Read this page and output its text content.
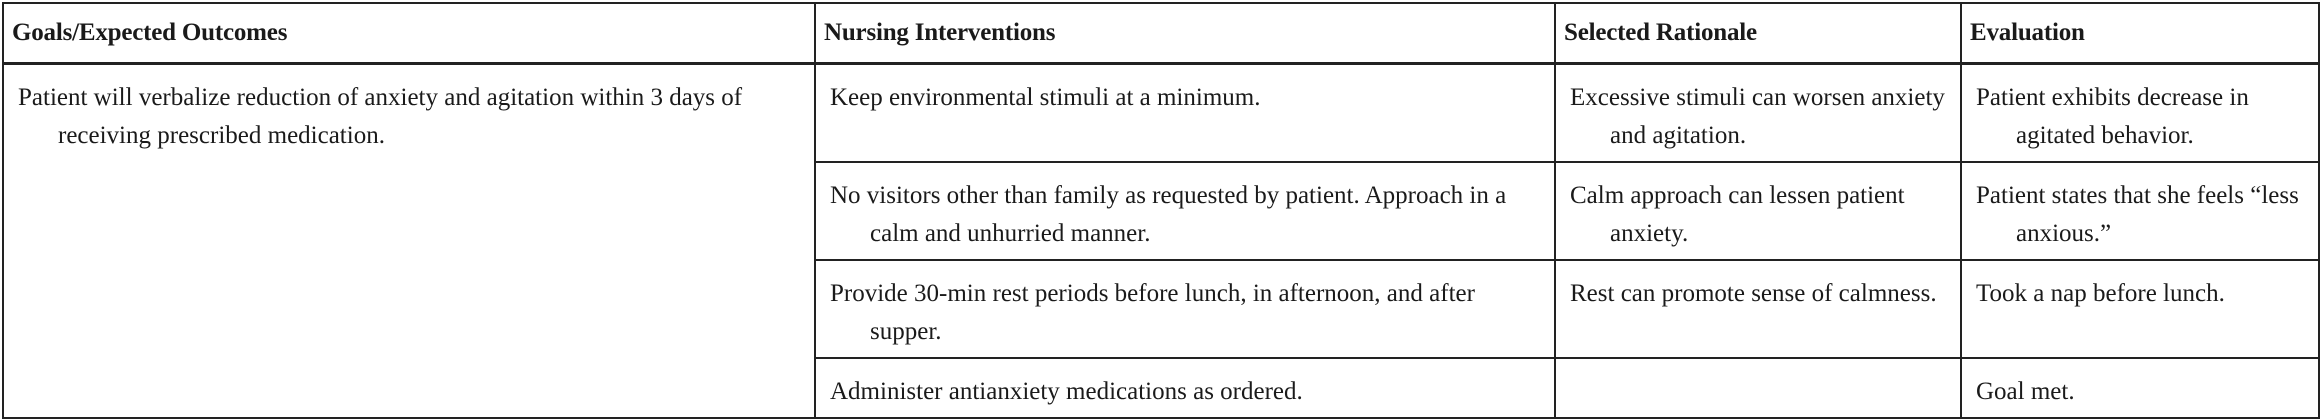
Goals/Expected Outcomes	Nursing Interventions	Selected Rationale	Evaluation

Patient will verbalize reduction of anxiety and agitation within 3 days of receiving prescribed medication.	Keep environmental stimuli at a minimum.	Excessive stimuli can worsen anxiety and agitation.	Patient exhibits decrease in agitated behavior.

	No visitors other than family as requested by patient. Approach in a calm and unhurried manner.	Calm approach can lessen patient anxiety.	Patient states that she feels “less anxious.”

	Provide 30-min rest periods before lunch, in afternoon, and after supper.	Rest can promote sense of calmness.	Took a nap before lunch.

	Administer antianxiety medications as ordered.		Goal met.
